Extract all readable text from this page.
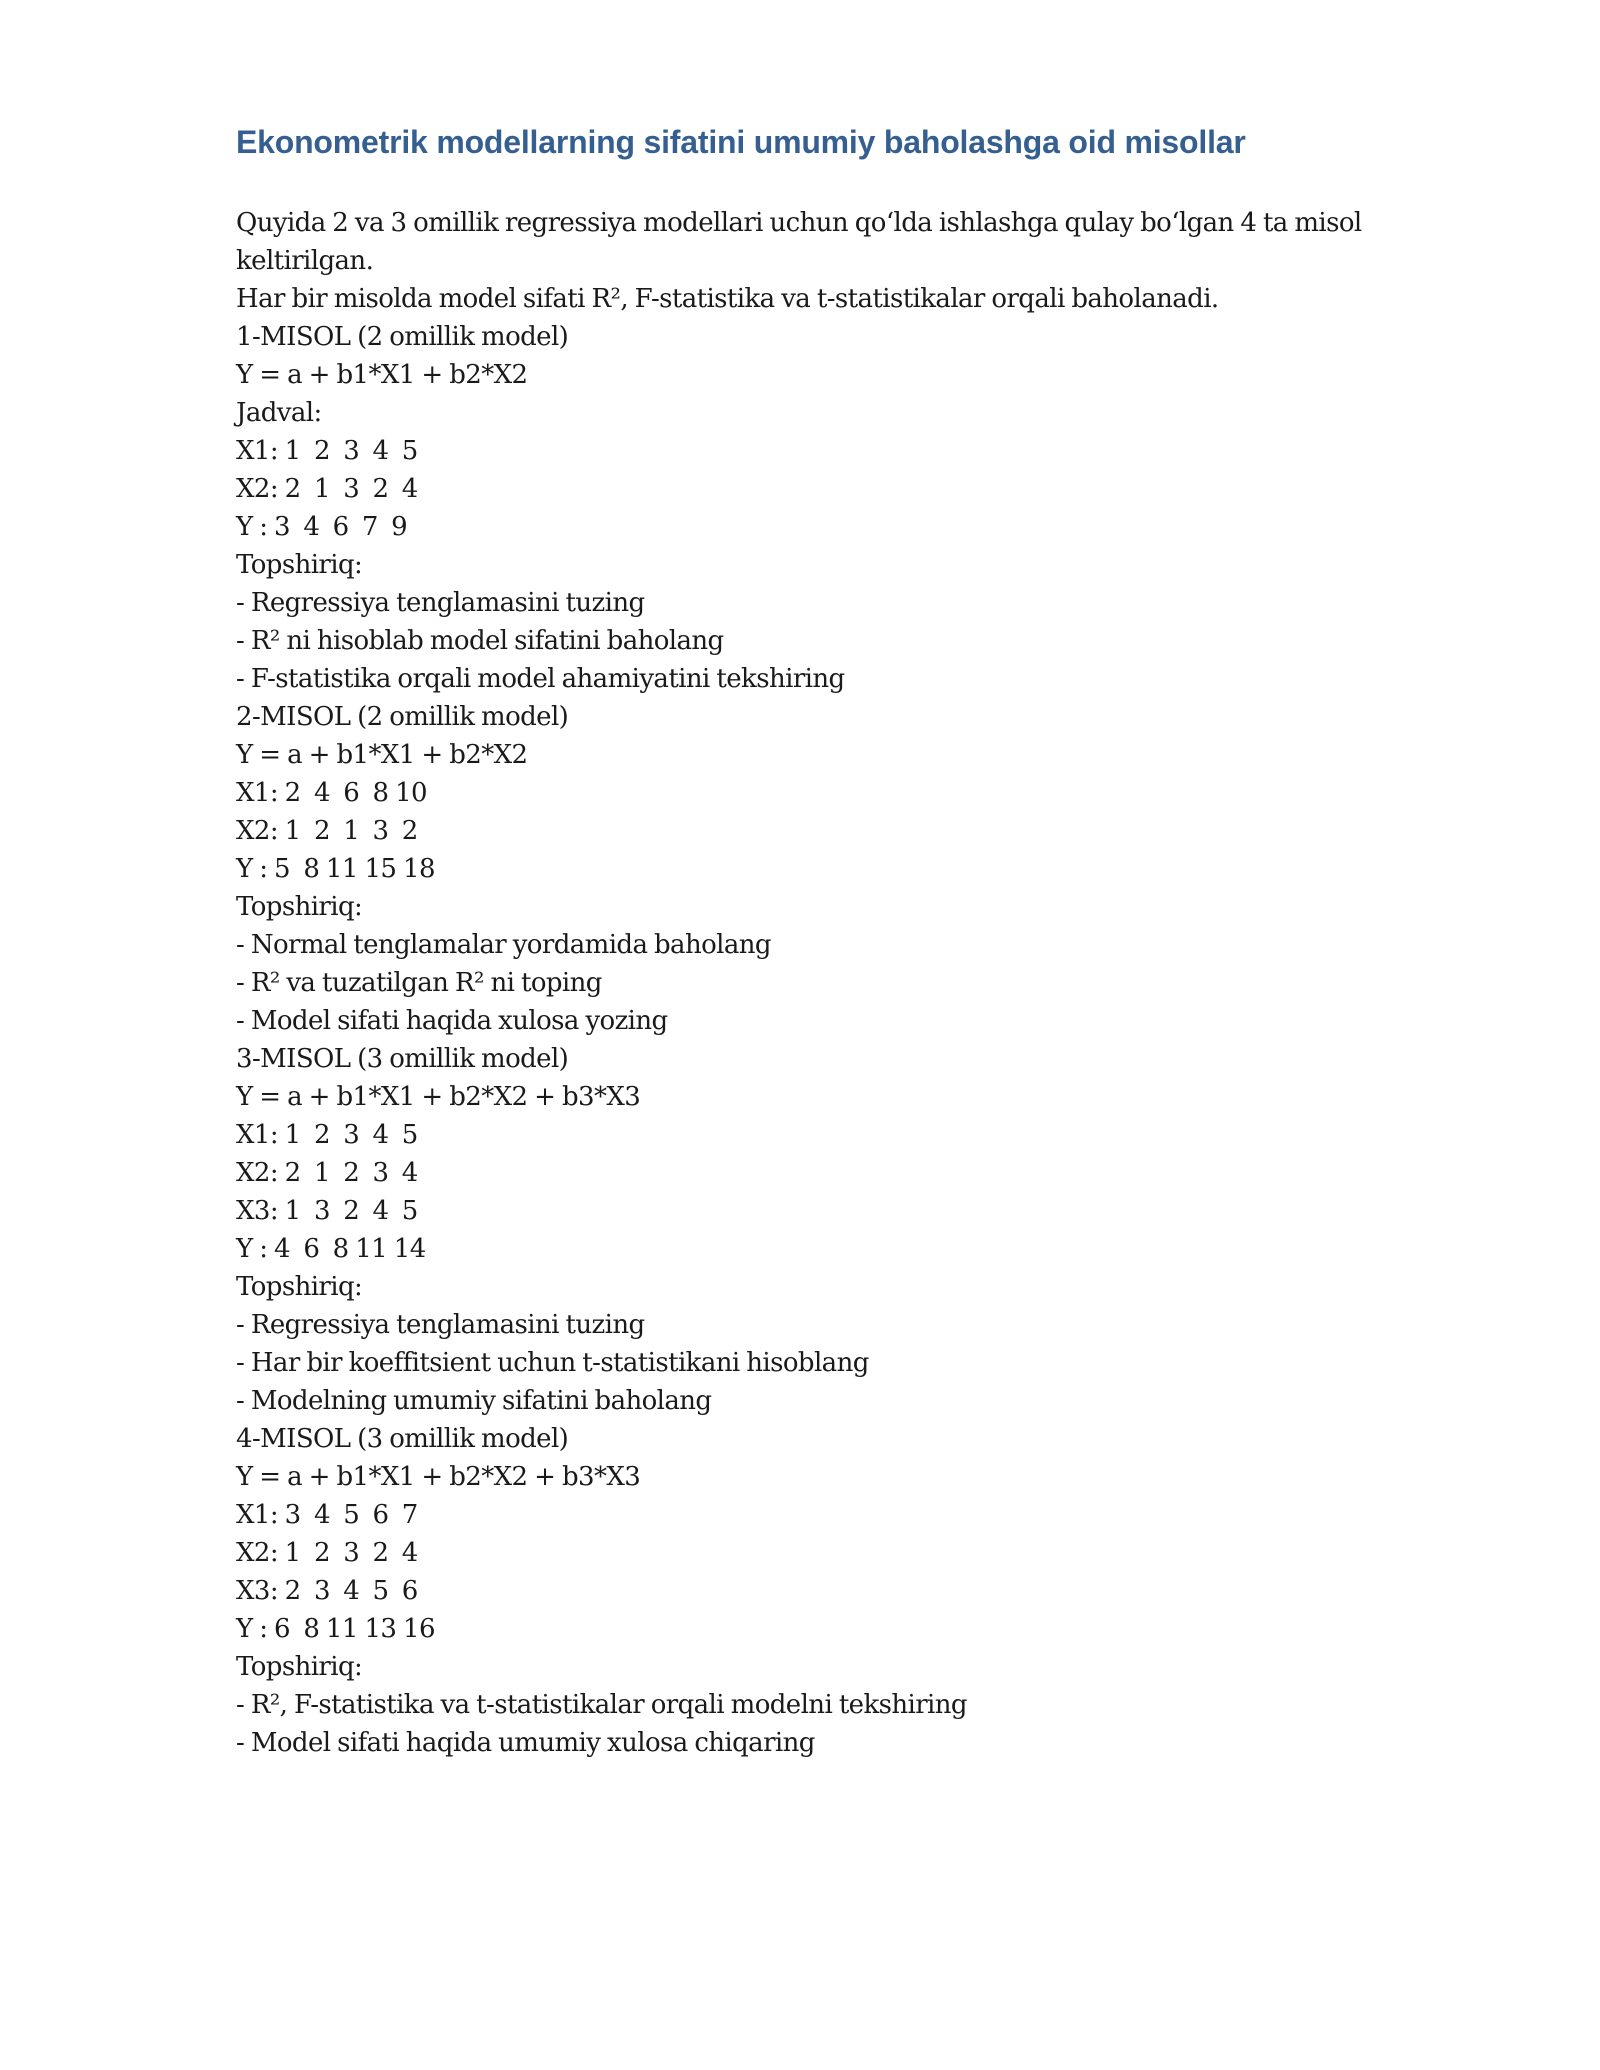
Ekonometrik modellarning sifatini umumiy baholashga oid misollar
Quyida 2 va 3 omillik regressiya modellari uchun qo‘lda ishlashga qulay bo‘lgan 4 ta misol keltirilgan.
Har bir misolda model sifati R², F-statistika va t-statistikalar orqali baholanadi.
1-MISOL (2 omillik model)
Y = a + b1*X1 + b2*X2
Jadval:
X1: 1  2  3  4  5
X2: 2  1  3  2  4
Y : 3  4  6  7  9
Topshiriq:
- Regressiya tenglamasini tuzing
- R² ni hisoblab model sifatini baholang
- F-statistika orqali model ahamiyatini tekshiring
2-MISOL (2 omillik model)
Y = a + b1*X1 + b2*X2
X1: 2  4  6  8 10
X2: 1  2  1  3  2
Y : 5  8 11 15 18
Topshiriq:
- Normal tenglamalar yordamida baholang
- R² va tuzatilgan R² ni toping
- Model sifati haqida xulosa yozing
3-MISOL (3 omillik model)
Y = a + b1*X1 + b2*X2 + b3*X3
X1: 1  2  3  4  5
X2: 2  1  2  3  4
X3: 1  3  2  4  5
Y : 4  6  8 11 14
Topshiriq:
- Regressiya tenglamasini tuzing
- Har bir koeffitsient uchun t-statistikani hisoblang
- Modelning umumiy sifatini baholang
4-MISOL (3 omillik model)
Y = a + b1*X1 + b2*X2 + b3*X3
X1: 3  4  5  6  7
X2: 1  2  3  2  4
X3: 2  3  4  5  6
Y : 6  8 11 13 16
Topshiriq:
- R², F-statistika va t-statistikalar orqali modelni tekshiring
- Model sifati haqida umumiy xulosa chiqaring
